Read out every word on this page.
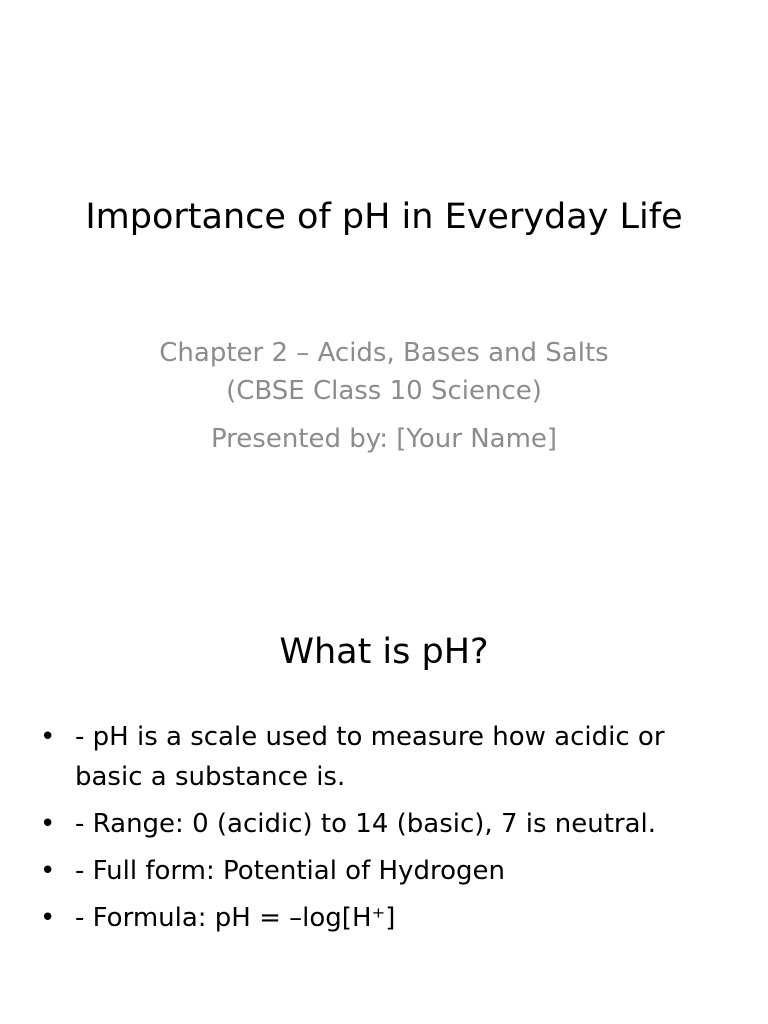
Importance of pH in Everyday Life
Chapter 2 – Acids, Bases and Salts
(CBSE Class 10 Science)
Presented by: [Your Name]
What is pH?
• - pH is a scale used to measure how acidic or basic a substance is.
• - Range: 0 (acidic) to 14 (basic), 7 is neutral.
• - Full form: Potential of Hydrogen
• - Formula: pH = –log[H⁺]
